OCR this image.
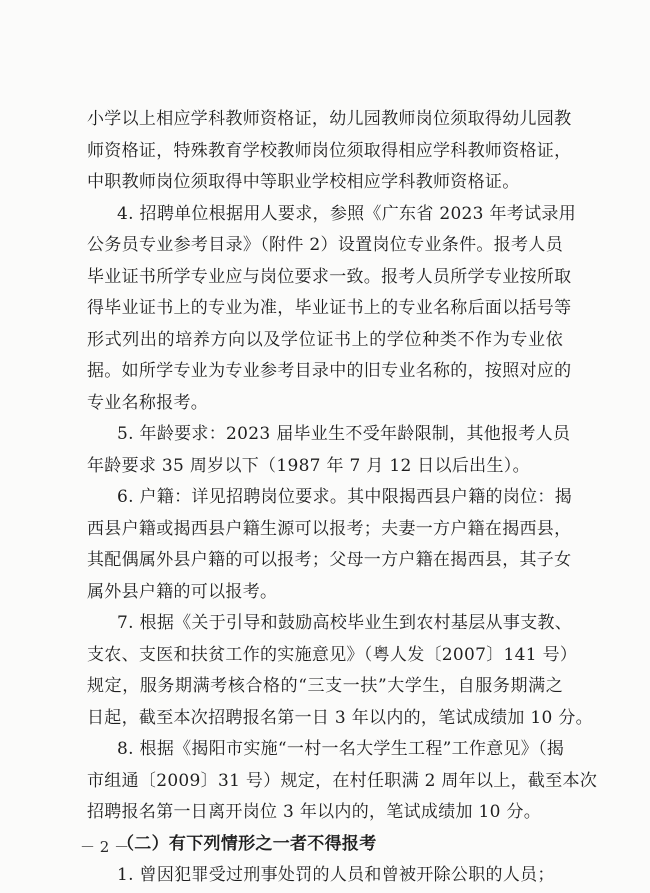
小学以上相应学科教师资格证，幼儿园教师岗位须取得幼儿园教
师资格证，特殊教育学校教师岗位须取得相应学科教师资格证，
中职教师岗位须取得中等职业学校相应学科教师资格证。
4. 招聘单位根据用人要求，参照《广东省 2023 年考试录用
公务员专业参考目录》（附件 2）设置岗位专业条件。报考人员
毕业证书所学专业应与岗位要求一致。报考人员所学专业按所取
得毕业证书上的专业为准，毕业证书上的专业名称后面以括号等
形式列出的培养方向以及学位证书上的学位种类不作为专业依
据。如所学专业为专业参考目录中的旧专业名称的，按照对应的
专业名称报考。
5. 年龄要求：2023 届毕业生不受年龄限制，其他报考人员
年龄要求 35 周岁以下（1987 年 7 月 12 日以后出生）。
6. 户籍：详见招聘岗位要求。其中限揭西县户籍的岗位：揭
西县户籍或揭西县户籍生源可以报考；夫妻一方户籍在揭西县，
其配偶属外县户籍的可以报考；父母一方户籍在揭西县，其子女
属外县户籍的可以报考。
7. 根据《关于引导和鼓励高校毕业生到农村基层从事支教、
支农、支医和扶贫工作的实施意见》（粤人发〔2007〕141 号）
规定，服务期满考核合格的“三支一扶”大学生，自服务期满之
日起，截至本次招聘报名第一日 3 年以内的，笔试成绩加 10 分。
8. 根据《揭阳市实施“一村一名大学生工程”工作意见》（揭
市组通〔2009〕31 号）规定，在村任职满 2 周年以上，截至本次
招聘报名第一日离开岗位 3 年以内的，笔试成绩加 10 分。
（二）有下列情形之一者不得报考
1. 曾因犯罪受过刑事处罚的人员和曾被开除公职的人员；
－ 2 －
